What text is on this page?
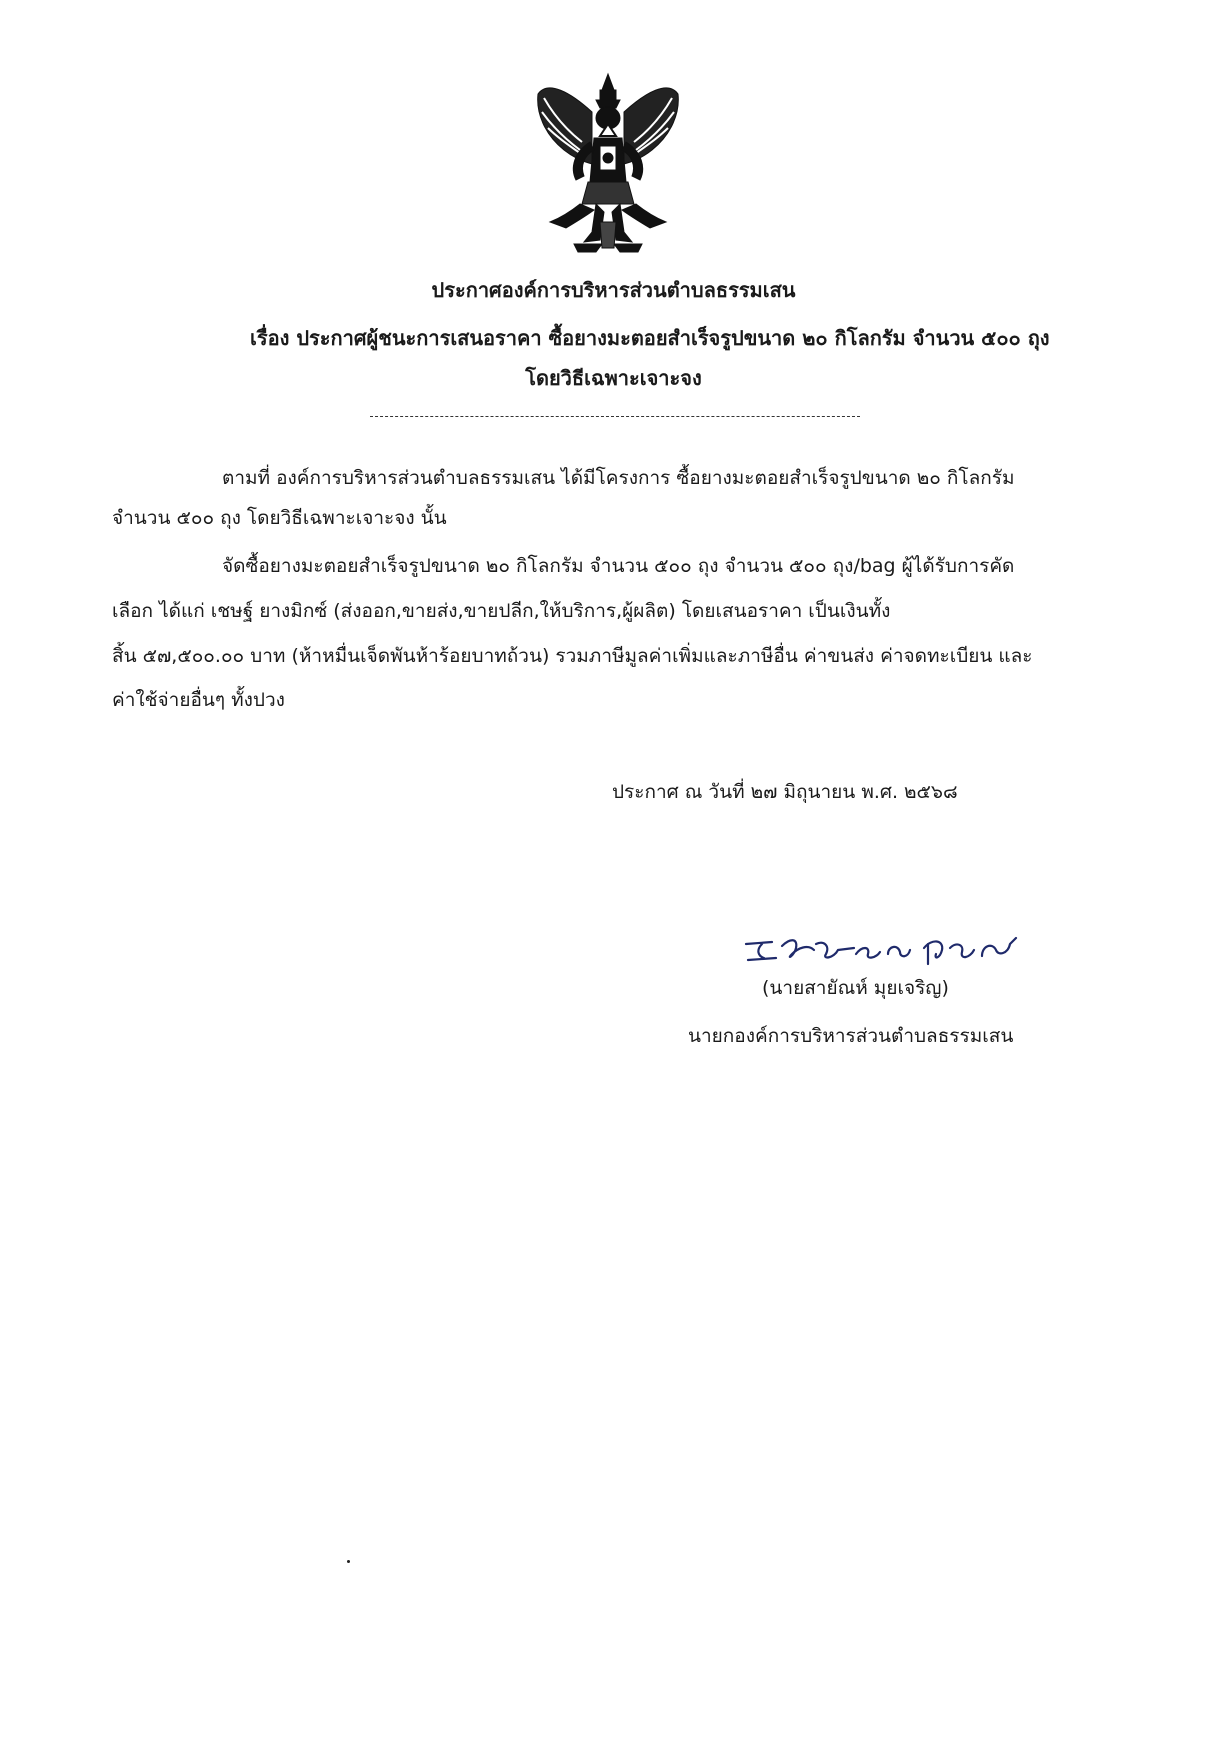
ประกาศองค์การบริหารส่วนตำบลธรรมเสน
เรื่อง ประกาศผู้ชนะการเสนอราคา ซื้อยางมะตอยสำเร็จรูปขนาด ๒๐ กิโลกรัม จำนวน ๕๐๐ ถุง
โดยวิธีเฉพาะเจาะจง
ตามที่ องค์การบริหารส่วนตำบลธรรมเสน ได้มีโครงการ ซื้อยางมะตอยสำเร็จรูปขนาด ๒๐ กิโลกรัม
จำนวน ๕๐๐ ถุง โดยวิธีเฉพาะเจาะจง นั้น
จัดซื้อยางมะตอยสำเร็จรูปขนาด ๒๐ กิโลกรัม จำนวน ๕๐๐ ถุง จำนวน ๕๐๐ ถุง/bag ผู้ได้รับการคัด
เลือก ได้แก่ เชษฐ์ ยางมิกซ์ (ส่งออก,ขายส่ง,ขายปลีก,ให้บริการ,ผู้ผลิต) โดยเสนอราคา เป็นเงินทั้ง
สิ้น ๕๗,๕๐๐.๐๐ บาท (ห้าหมื่นเจ็ดพันห้าร้อยบาทถ้วน) รวมภาษีมูลค่าเพิ่มและภาษีอื่น ค่าขนส่ง ค่าจดทะเบียน และ
ค่าใช้จ่ายอื่นๆ ทั้งปวง
ประกาศ ณ วันที่ ๒๗ มิถุนายน พ.ศ. ๒๕๖๘
(นายสายัณห์ มุยเจริญ)
นายกองค์การบริหารส่วนตำบลธรรมเสน
